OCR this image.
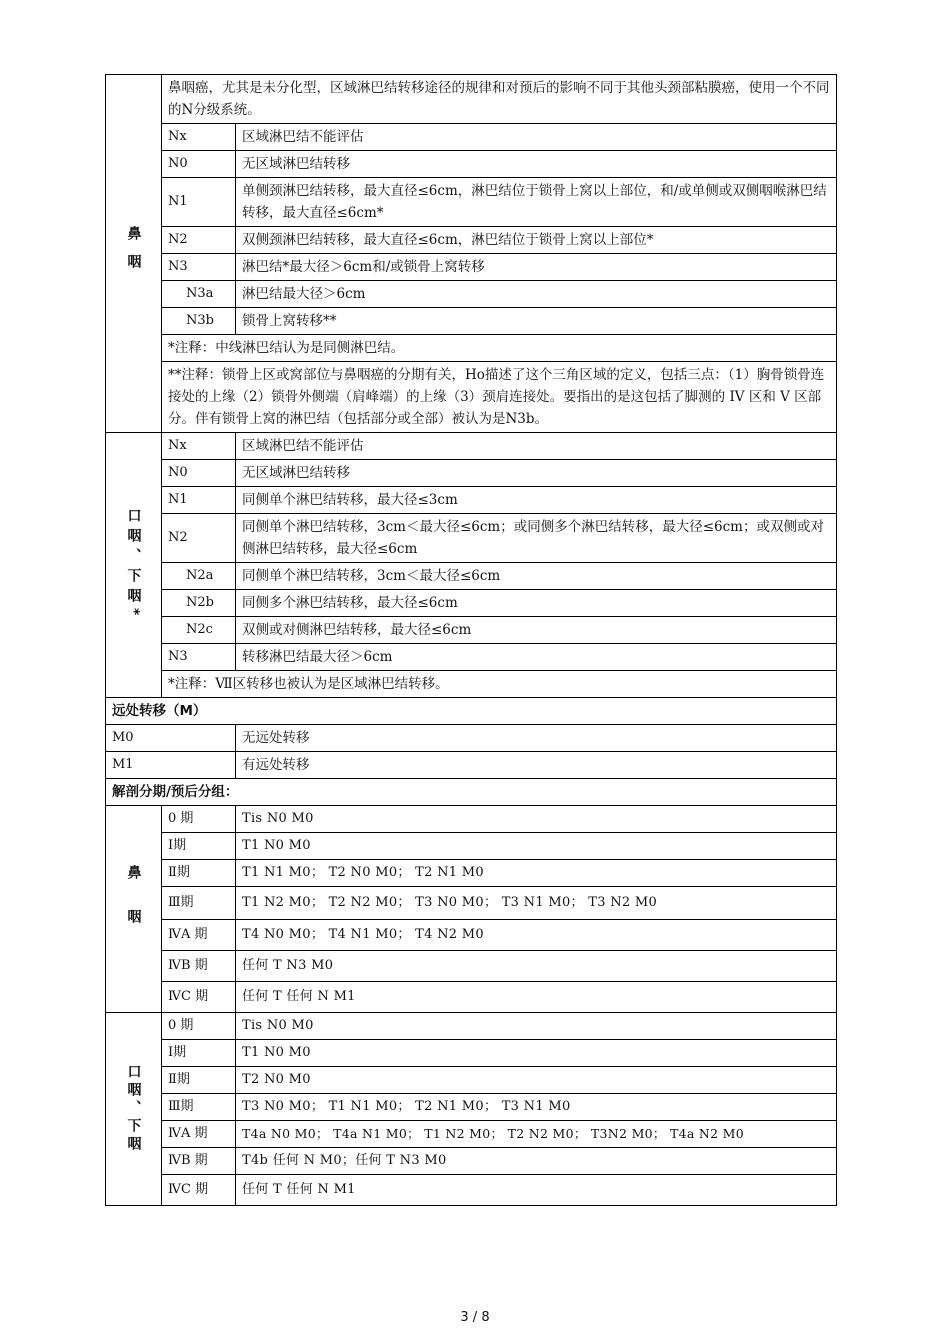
鼻咽	鼻咽癌，尤其是未分化型，区域淋巴结转移途径的规律和对预后的影响不同于其他头颈部粘膜癌，使用一个不同的N分级系统。	
	Nx	区域淋巴结不能评估
	N0	无区域淋巴结转移
	N1	单侧颈淋巴结转移，最大直径≤6cm，淋巴结位于锁骨上窝以上部位，和/或单侧或双侧咽喉淋巴结转移，最大直径≤6cm*
	N2	双侧颈淋巴结转移，最大直径≤6cm，淋巴结位于锁骨上窝以上部位*
	N3	淋巴结*最大径＞6cm和/或锁骨上窝转移
	N3a	淋巴结最大径＞6cm
	N3b	锁骨上窝转移**
	*注释：中线淋巴结认为是同侧淋巴结。	
	**注释：锁骨上区或窝部位与鼻咽癌的分期有关，Ho描述了这个三角区域的定义，包括三点：（1）胸骨锁骨连接处的上缘（2）锁骨外侧端（肩峰端）的上缘（3）颈肩连接处。要指出的是这包括了脚测的 IV 区和 V 区部分。伴有锁骨上窝的淋巴结（包括部分或全部）被认为是N3b。	

口咽、下咽*	Nx	区域淋巴结不能评估
	N0	无区域淋巴结转移
	N1	同侧单个淋巴结转移，最大径≤3cm
	N2	同侧单个淋巴结转移，3cm＜最大径≤6cm；或同侧多个淋巴结转移，最大径≤6cm；或双侧或对侧淋巴结转移，最大径≤6cm
	N2a	同侧单个淋巴结转移，3cm＜最大径≤6cm
	N2b	同侧多个淋巴结转移，最大径≤6cm
	N2c	双侧或对侧淋巴结转移，最大径≤6cm
	N3	转移淋巴结最大径＞6cm
	*注释：Ⅶ区转移也被认为是区域淋巴结转移。	
远处转移（M）		
M0		无远处转移
M1		有远处转移
解剖分期/预后分组：		

鼻咽	0 期	Tis N0 M0
	Ⅰ期	T1 N0 M0
	Ⅱ期	T1 N1 M0； T2 N0 M0； T2 N1 M0
	Ⅲ期	T1 N2 M0； T2 N2 M0； T3 N0 M0； T3 N1 M0； T3 N2 M0
	ⅣA 期	T4 N0 M0； T4 N1 M0； T4 N2 M0
	ⅣB 期	任何 T N3 M0
	ⅣC 期	任何 T 任何 N M1

口咽、下咽	0 期	Tis N0 M0
	Ⅰ期	T1 N0 M0
	Ⅱ期	T2 N0 M0
	Ⅲ期	T3 N0 M0； T1 N1 M0； T2 N1 M0； T3 N1 M0
	ⅣA 期	T4a N0 M0； T4a N1 M0； T1 N2 M0； T2 N2 M0； T3N2 M0； T4a N2 M0
	ⅣB 期	T4b 任何 N M0；任何 T N3 M0
	ⅣC 期	任何 T 任何 N M1
3 / 8
